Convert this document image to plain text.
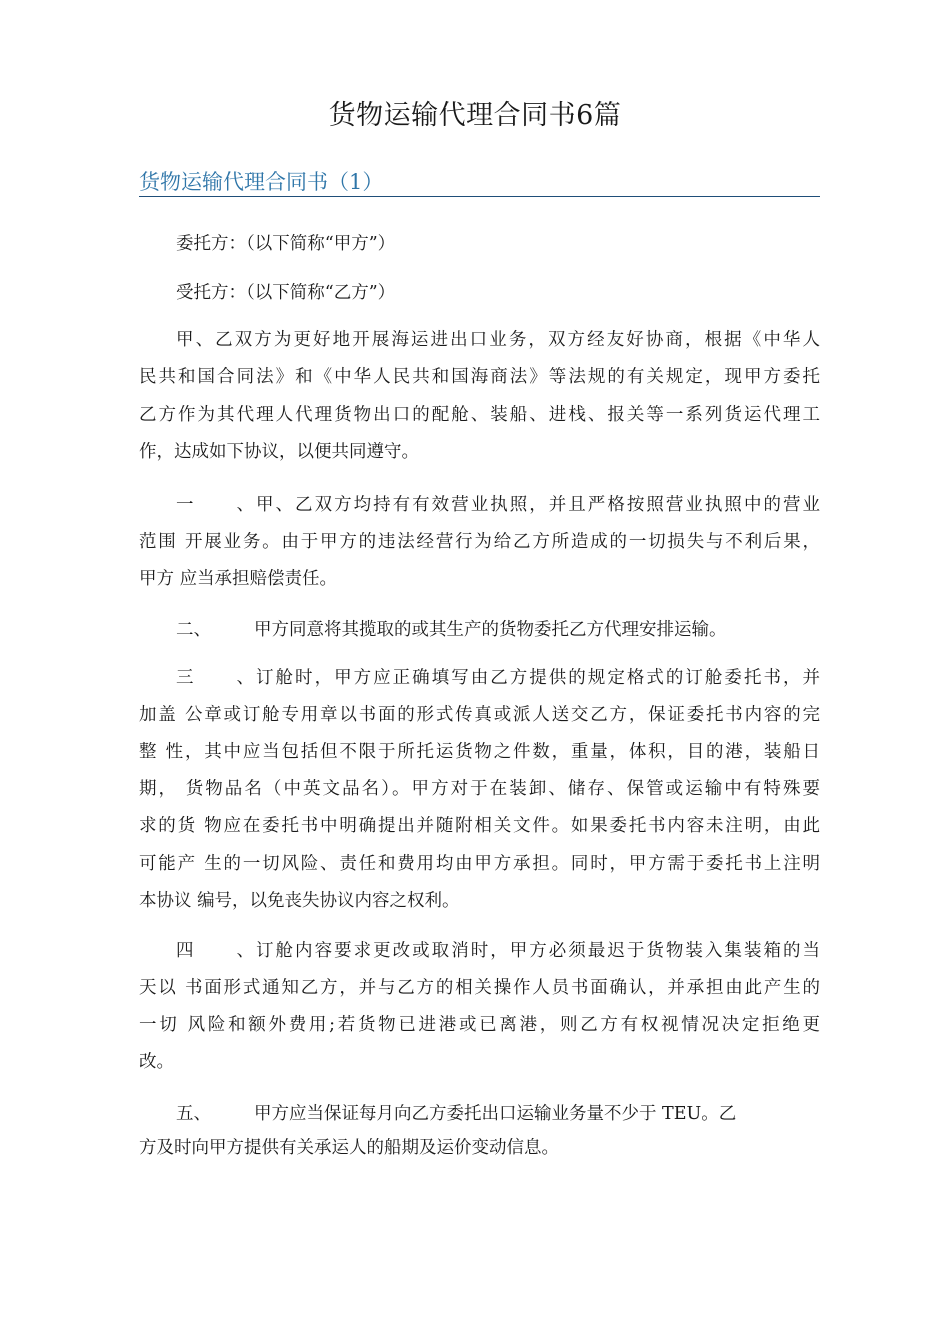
货物运输代理合同书6篇
货物运输代理合同书（1）
委托方：（以下简称“甲方”）
受托方：（以下简称“乙方”）
甲、乙双方为更好地开展海运进出口业务，双方经友好协商，根据《中华人
民共和国合同法》和《中华人民共和国海商法》等法规的有关规定，现甲方委托
乙方作为其代理人代理货物出口的配舱、装船、进栈、报关等一系列货运代理工
作，达成如下协议，以便共同遵守。
一、甲、乙双方均持有有效营业执照，并且严格按照营业执照中的营业
范围 开展业务。由于甲方的违法经营行为给乙方所造成的一切损失与不利后果，
甲方 应当承担赔偿责任。
二、 甲方同意将其揽取的或其生产的货物委托乙方代理安排运输。
三、订舱时，甲方应正确填写由乙方提供的规定格式的订舱委托书，并
加盖 公章或订舱专用章以书面的形式传真或派人送交乙方，保证委托书内容的完
整 性，其中应当包括但不限于所托运货物之件数，重量，体积，目的港，装船日
期， 货物品名（中英文品名）。甲方对于在装卸、储存、保管或运输中有特殊要
求的货 物应在委托书中明确提出并随附相关文件。如果委托书内容未注明，由此
可能产 生的一切风险、责任和费用均由甲方承担。同时，甲方需于委托书上注明
本协议 编号，以免丧失协议内容之权利。
四、订舱内容要求更改或取消时，甲方必须最迟于货物装入集装箱的当
天以 书面形式通知乙方，并与乙方的相关操作人员书面确认，并承担由此产生的
一切 风险和额外费用;若货物已进港或已离港，则乙方有权视情况决定拒绝更
改。
五、 甲方应当保证每月向乙方委托出口运输业务量不少于 TEU。乙
方及时向甲方提供有关承运人的船期及运价变动信息。
